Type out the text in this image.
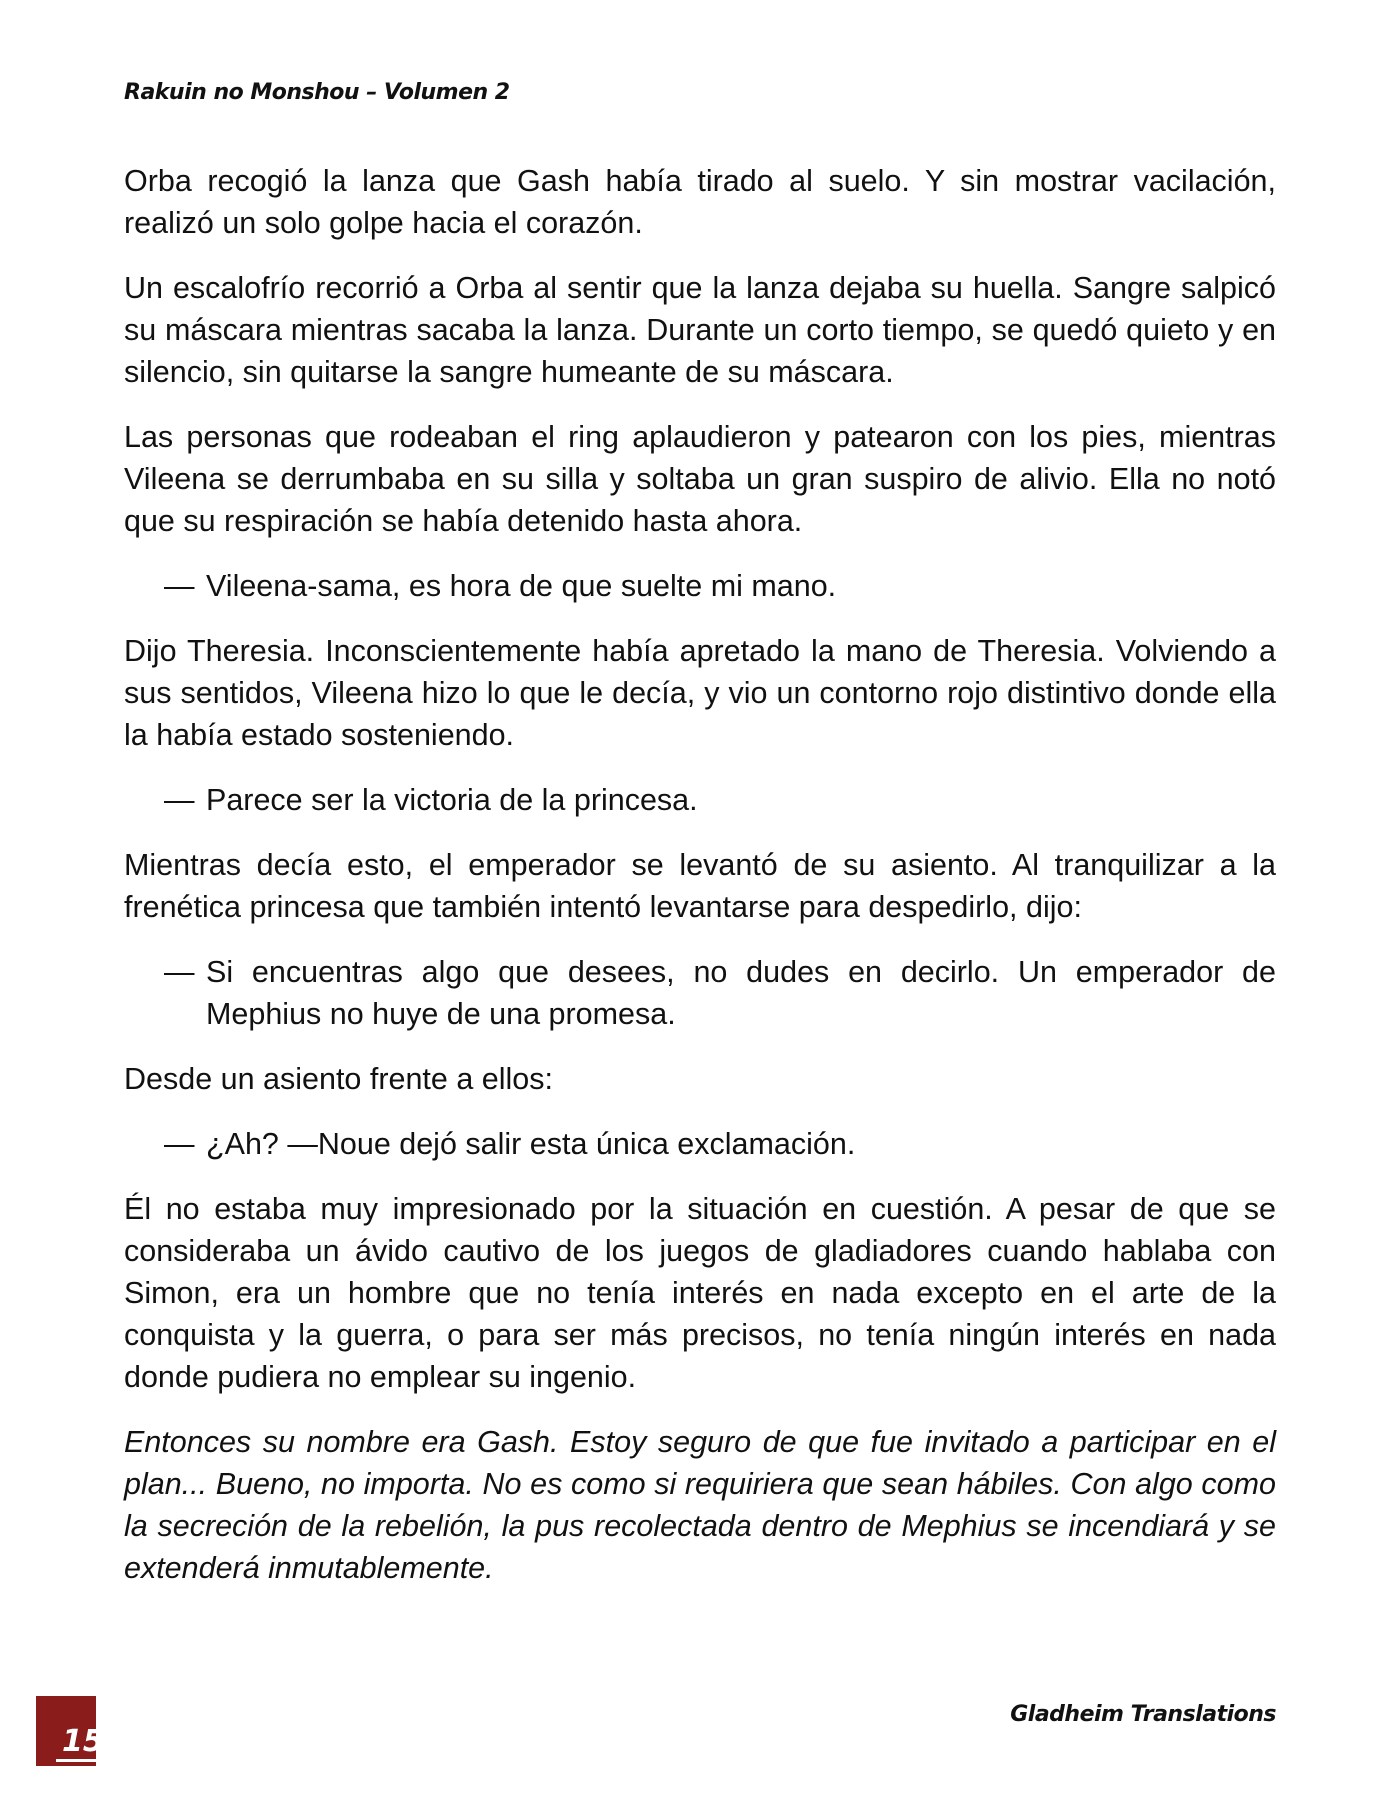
Rakuin no Monshou – Volumen 2

Orba recogió la lanza que Gash había tirado al suelo. Y sin mostrar vacilación, realizó un solo golpe hacia el corazón.

Un escalofrío recorrió a Orba al sentir que la lanza dejaba su huella. Sangre salpicó su máscara mientras sacaba la lanza. Durante un corto tiempo, se quedó quieto y en silencio, sin quitarse la sangre humeante de su máscara.

Las personas que rodeaban el ring aplaudieron y patearon con los pies, mientras Vileena se derrumbaba en su silla y soltaba un gran suspiro de alivio. Ella no notó que su respiración se había detenido hasta ahora.

— Vileena-sama, es hora de que suelte mi mano.

Dijo Theresia. Inconscientemente había apretado la mano de Theresia. Volviendo a sus sentidos, Vileena hizo lo que le decía, y vio un contorno rojo distintivo donde ella la había estado sosteniendo.

— Parece ser la victoria de la princesa.

Mientras decía esto, el emperador se levantó de su asiento. Al tranquilizar a la frenética princesa que también intentó levantarse para despedirlo, dijo:

— Si encuentras algo que desees, no dudes en decirlo. Un emperador de Mephius no huye de una promesa.

Desde un asiento frente a ellos:

— ¿Ah? —Noue dejó salir esta única exclamación.

Él no estaba muy impresionado por la situación en cuestión. A pesar de que se consideraba un ávido cautivo de los juegos de gladiadores cuando hablaba con Simon, era un hombre que no tenía interés en nada excepto en el arte de la conquista y la guerra, o para ser más precisos, no tenía ningún interés en nada donde pudiera no emplear su ingenio.

Entonces su nombre era Gash. Estoy seguro de que fue invitado a participar en el plan... Bueno, no importa. No es como si requiriera que sean hábiles. Con algo como la secreción de la rebelión, la pus recolectada dentro de Mephius se incendiará y se extenderá inmutablemente.

15
Gladheim Translations
